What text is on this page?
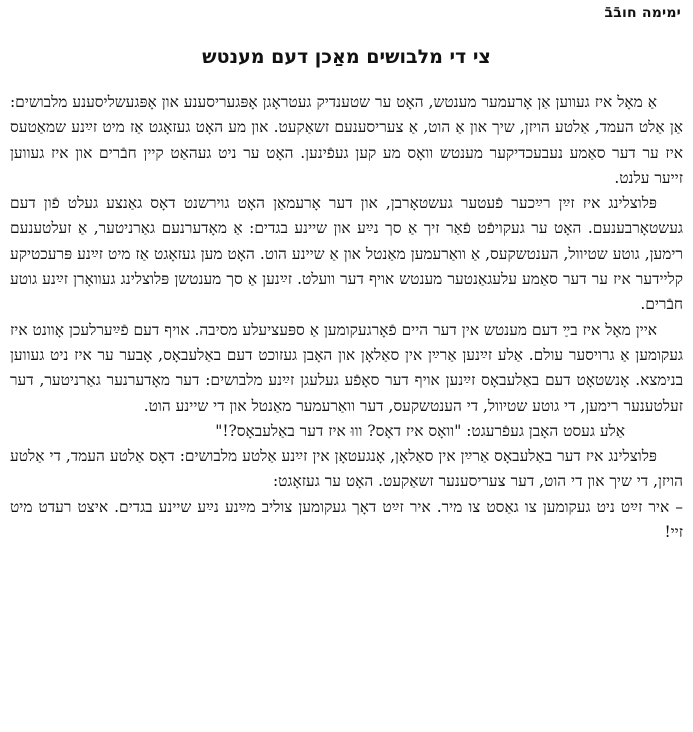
ימימה חובֿבֿ
צי די מלבושים מאַכן דעם מענטש

אַ מאָל איז געווען אַן אָרעמער מענטש, האָט ער שטענדיק געטראָגן אָפּגעריסענע און אָפּגעשליסענע מלבושים: אַן אַלט העמד, אַלטע הויזן, שיך און אַ הוט, אַ צעריסענעם זשאַקעט. און מע האָט געזאָגט אַז מיט זײַנע שמאַטעס איז ער דער סאַמע נעבעכדיקער מענטש וואָס מע קען געפֿינען. האָט ער ניט געהאַט קיין חבֿרים און איז געווען זייער עלנט.

פּלוצלינג איז זײַן רײַכער פֿעטער געשטאָרבן, און דער אָרעמאַן האָט גוירשנט דאָס גאַנצע געלט פֿון דעם געשטאָרבענעם. האָט ער געקויפֿט פֿאַר זיך אַ סך נײַע און שיינע בגדים: אַ מאָדערנעם גאַרניטער, אַ זעלטענעם רימען, גוטע שטיוול, הענטשקעס, אַ וואַרעמען מאַנטל און אַ שיינע הוט. האָט מען געזאָגט אַז מיט זײַנע פּרעכטיקע קליידער איז ער דער סאַמע עלעגאַנטער מענטש אויף דער וועלט. זײַנען אַ סך מענטשן פּלוצלינג געוואָרן זײַנע גוטע חבֿרים.

איין מאָל איז בײַ דעם מענטש אין דער היים פֿאָרגעקומען אַ ספּעציעלע מסיבה. אויף דעם פֿײַערלעכן אָוונט איז געקומען אַ גרויסער עולם. אַלע זײַנען אַרײַן אין סאַלאָן און האָבן געזוכט דעם באַלעבאָס, אָבער ער איז ניט געווען בנימצא. אָנשטאָט דעם באַלעבאָס זײַנען אויף דער סאָפֿע געלעגן זײַנע מלבושים: דער מאָדערנער גאַרניטער, דער זעלטענער רימען, די גוטע שטיוול, די הענטשקעס, דער וואַרעמער מאַנטל און די שיינע הוט.

אַלע געסט האָבן געפֿרעגט: "וואָס איז דאָס? וווּ איז דער באַלעבאָס?!"

פּלוצלינג איז דער באַלעבאָס אַרײַן אין סאַלאָן, אָנגעטאָן אין זײַנע אַלטע מלבושים: דאָס אַלטע העמד, די אַלטע הויזן, די שיך און די הוט, דער צעריסענער זשאַקעט. האָט ער געזאָגט:

– איר זײַט ניט געקומען צו גאַסט צו מיר. איר זײַט דאָך געקומען צוליב מײַנע נײַע שיינע בגדים. איצט רעדט מיט זיי!
